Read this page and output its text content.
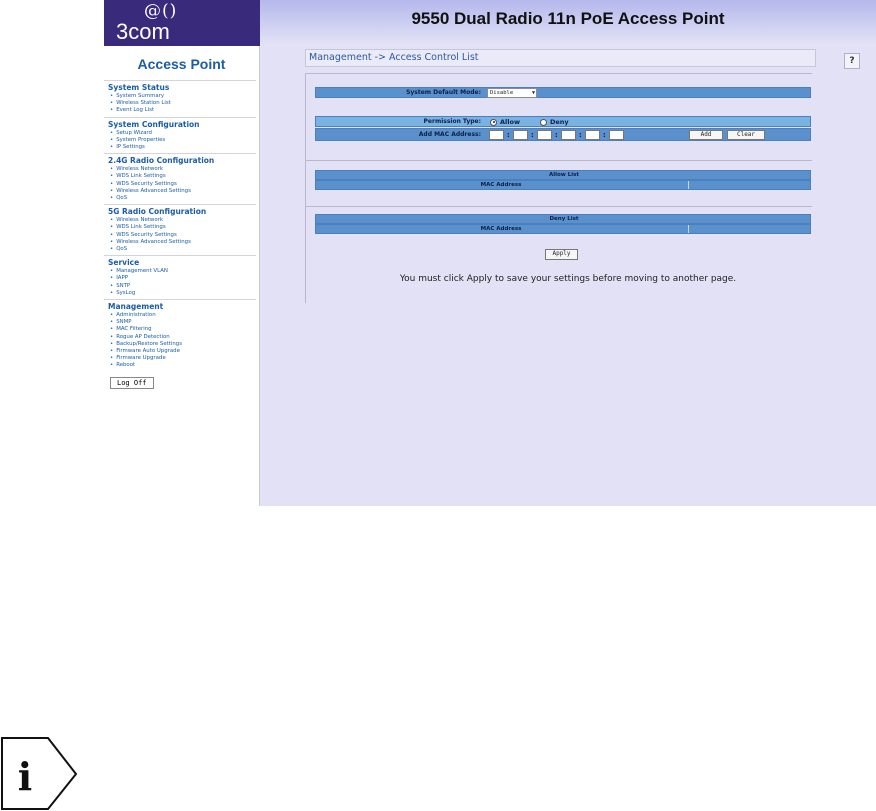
@()
3com
9550 Dual Radio 11n PoE Access Point
Access Point
System Status
• System Summary
• Wireless Station List
• Event Log List
System Configuration
• Setup Wizard
• System Properties
• IP Settings
2.4G Radio Configuration
• Wireless Network
• WDS Link Settings
• WDS Security Settings
• Wireless Advanced Settings
• QoS
5G Radio Configuration
• Wireless Network
• WDS Link Settings
• WDS Security Settings
• Wireless Advanced Settings
• QoS
Service
• Management VLAN
• IAPP
• SNTP
• SysLog
Management
• Administration
• SNMP
• MAC Filtering
• Rogue AP Detection
• Backup/Restore Settings
• Firmware Auto Upgrade
• Firmware Upgrade
• Reboot
Log Off
Management -> Access Control List	?
System Default Mode:	Disable	▼
Permission Type:	Allow	Deny
Add MAC Address:	:	:	:	:	:	Add	Clear
Allow List
MAC Address
Deny List
MAC Address
Apply
You must click Apply to save your settings before moving to another page.
i
